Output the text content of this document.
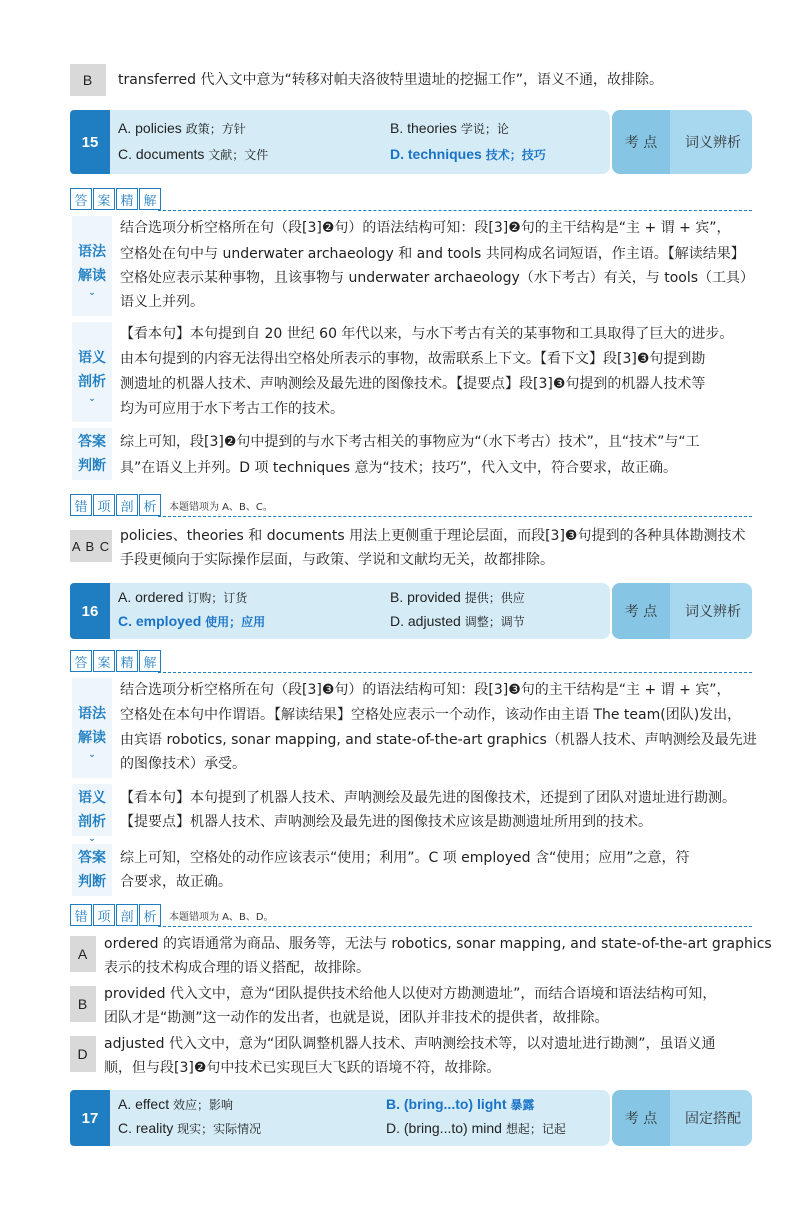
B	transferred 代入文中意为“转移对帕夫洛彼特里遗址的挖掘工作”，语义不通，故排除。
15
A. policies 政策；方针	B. theories 学说；论
C. documents 文献；文件	D. techniques 技术；技巧
考 点	词义辨析
答 案 精 解
语法
解读
⌄
结合选项分析空格所在句（段[3]❷句）的语法结构可知：段[3]❷句的主干结构是“主 + 谓 + 宾”，
空格处在句中与 underwater archaeology 和 and tools 共同构成名词短语，作主语。【解读结果】
空格处应表示某种事物，且该事物与 underwater archaeology（水下考古）有关，与 tools（工具）
语义上并列。
语义
剖析
⌄
【看本句】本句提到自 20 世纪 60 年代以来，与水下考古有关的某事物和工具取得了巨大的进步。
由本句提到的内容无法得出空格处所表示的事物，故需联系上下文。【看下文】段[3]❸句提到勘
测遗址的机器人技术、声呐测绘及最先进的图像技术。【提要点】段[3]❸句提到的机器人技术等
均为可应用于水下考古工作的技术。
答案
判断
综上可知，段[3]❷句中提到的与水下考古相关的事物应为“（水下考古）技术”，且“技术”与“工
具”在语义上并列。D 项 techniques 意为“技术；技巧”，代入文中，符合要求，故正确。
错 项 剖 析	本题错项为 A、B、C。
A B C
policies、theories 和 documents 用法上更侧重于理论层面，而段[3]❸句提到的各种具体勘测技术
手段更倾向于实际操作层面，与政策、学说和文献均无关，故都排除。
16
A. ordered 订购；订货	B. provided 提供；供应
C. employed 使用；应用	D. adjusted 调整；调节
考 点	词义辨析
答 案 精 解
语法
解读
⌄
结合选项分析空格所在句（段[3]❸句）的语法结构可知：段[3]❸句的主干结构是“主 + 谓 + 宾”，
空格处在本句中作谓语。【解读结果】空格处应表示一个动作，该动作由主语 The team(团队)发出，
由宾语 robotics, sonar mapping, and state-of-the-art graphics（机器人技术、声呐测绘及最先进
的图像技术）承受。
语义
剖析
⌄
【看本句】本句提到了机器人技术、声呐测绘及最先进的图像技术，还提到了团队对遗址进行勘测。
【提要点】机器人技术、声呐测绘及最先进的图像技术应该是勘测遗址所用到的技术。
答案
判断
综上可知，空格处的动作应该表示“使用；利用”。C 项 employed 含“使用；应用”之意，符
合要求，故正确。
错 项 剖 析	本题错项为 A、B、D。
A
ordered 的宾语通常为商品、服务等，无法与 robotics, sonar mapping, and state-of-the-art graphics
表示的技术构成合理的语义搭配，故排除。
B
provided 代入文中，意为“团队提供技术给他人以使对方勘测遗址”，而结合语境和语法结构可知，
团队才是“勘测”这一动作的发出者，也就是说，团队并非技术的提供者，故排除。
D
adjusted 代入文中，意为“团队调整机器人技术、声呐测绘技术等，以对遗址进行勘测”，虽语义通
顺，但与段[3]❷句中技术已实现巨大飞跃的语境不符，故排除。
17
A. effect 效应；影响	B. (bring...to) light 暴露
C. reality 现实；实际情况	D. (bring...to) mind 想起；记起
考 点	固定搭配
